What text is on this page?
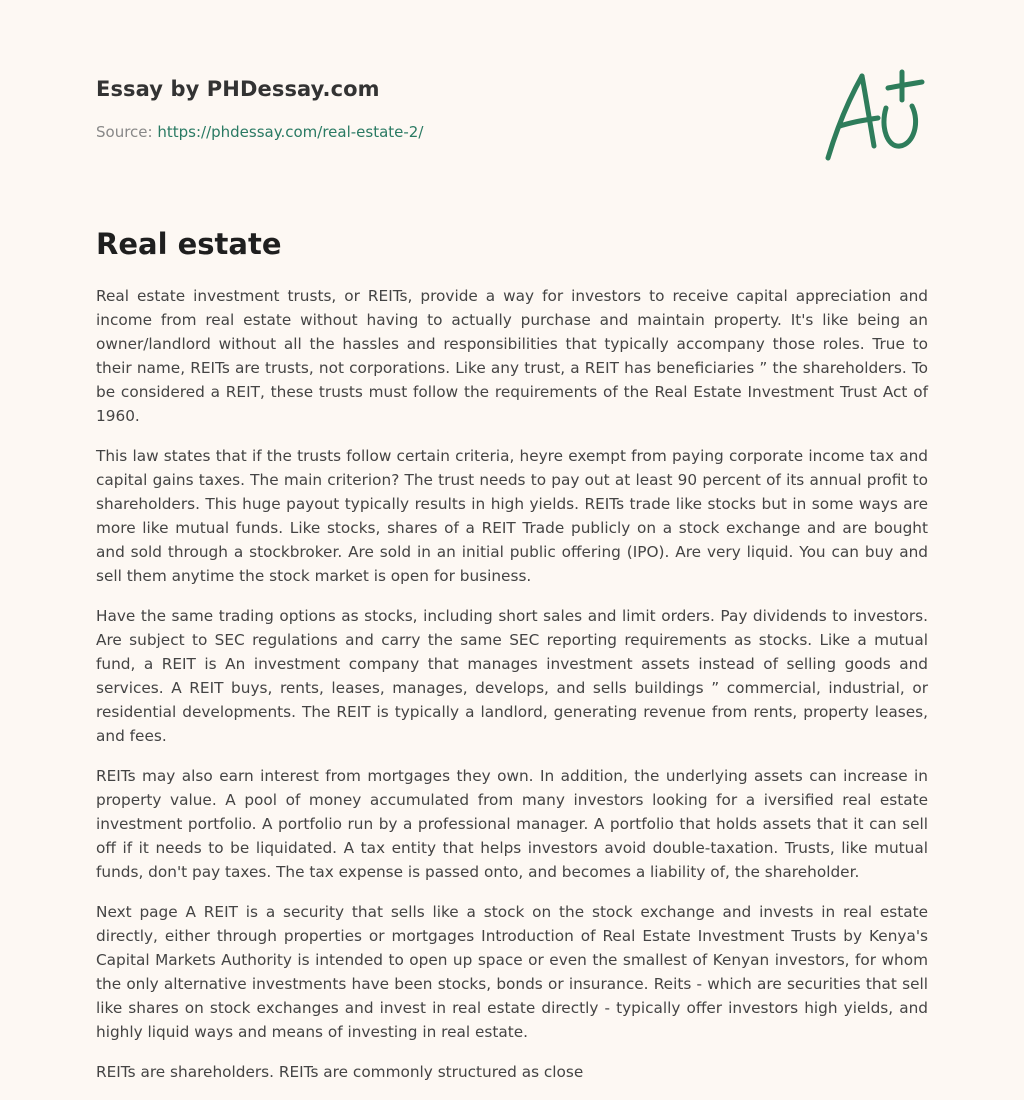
Essay by PHDessay.com
Source: https://phdessay.com/real-estate-2/
Real estate

Real estate investment trusts, or REITs, provide a way for investors to receive capital appreciation and income from real estate without having to actually purchase and maintain property. It's like being an owner/landlord without all the hassles and responsibilities that typically accompany those roles. True to their name, REITs are trusts, not corporations. Like any trust, a REIT has beneficiaries ” the shareholders. To be considered a REIT, these trusts must follow the requirements of the Real Estate Investment Trust Act of 1960.

This law states that if the trusts follow certain criteria, heyre exempt from paying corporate income tax and capital gains taxes. The main criterion? The trust needs to pay out at least 90 percent of its annual profit to shareholders. This huge payout typically results in high yields. REITs trade like stocks but in some ways are more like mutual funds. Like stocks, shares of a REIT Trade publicly on a stock exchange and are bought and sold through a stockbroker. Are sold in an initial public offering (IPO). Are very liquid. You can buy and sell them anytime the stock market is open for business.

Have the same trading options as stocks, including short sales and limit orders. Pay dividends to investors. Are subject to SEC regulations and carry the same SEC reporting requirements as stocks. Like a mutual fund, a REIT is An investment company that manages investment assets instead of selling goods and services. A REIT buys, rents, leases, manages, develops, and sells buildings ” commercial, industrial, or residential developments. The REIT is typically a landlord, generating revenue from rents, property leases, and fees.

REITs may also earn interest from mortgages they own. In addition, the underlying assets can increase in property value. A pool of money accumulated from many investors looking for a iversified real estate investment portfolio. A portfolio run by a professional manager. A portfolio that holds assets that it can sell off if it needs to be liquidated. A tax entity that helps investors avoid double-taxation. Trusts, like mutual funds, don't pay taxes. The tax expense is passed onto, and becomes a liability of, the shareholder.

Next page A REIT is a security that sells like a stock on the stock exchange and invests in real estate directly, either through properties or mortgages Introduction of Real Estate Investment Trusts by Kenya's Capital Markets Authority is intended to open up space or even the smallest of Kenyan investors, for whom the only alternative investments have been stocks, bonds or insurance. Reits - which are securities that sell like shares on stock exchanges and invest in real estate directly - typically offer investors high yields, and highly liquid ways and means of investing in real estate.

REITs are shareholders. REITs are commonly structured as close
